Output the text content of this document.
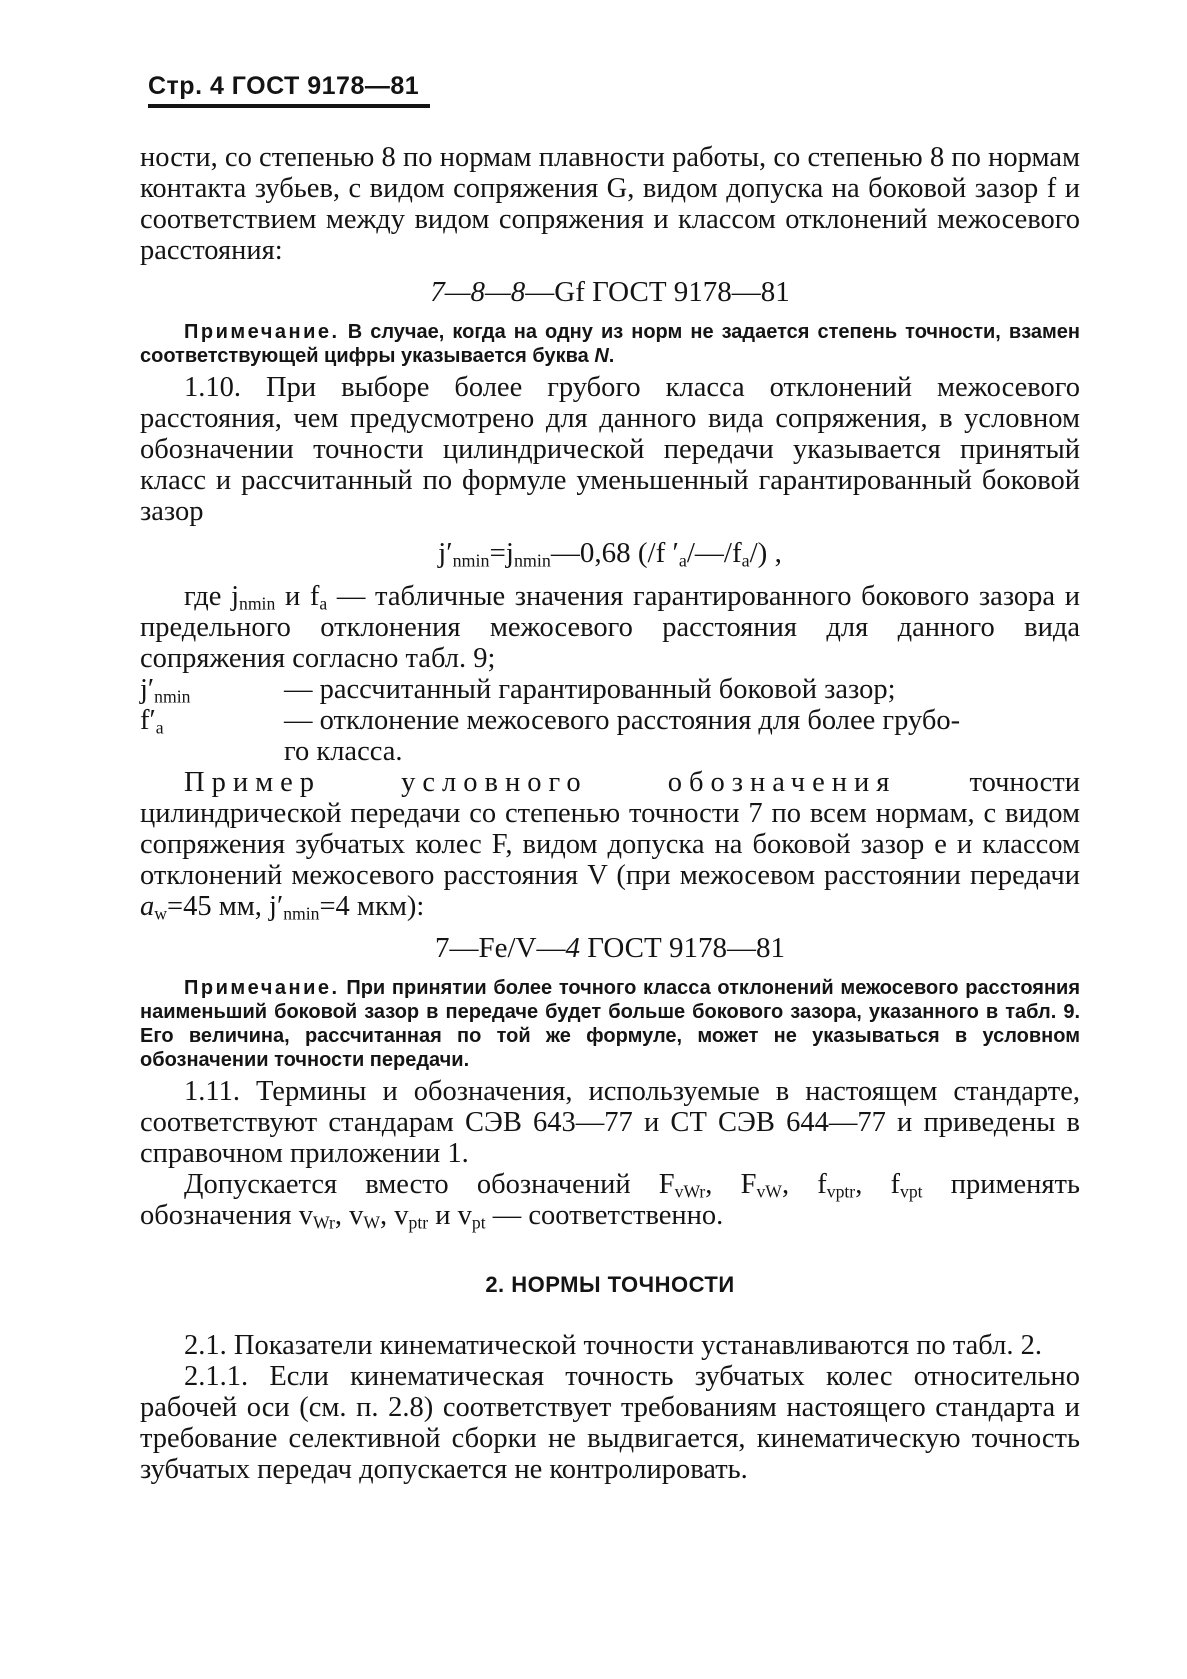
Стр. 4 ГОСТ 9178—81

ности, со степенью 8 по нормам плавности работы, со степенью 8 по нормам контакта зубьев, с видом сопряжения G, видом допуска на боковой зазор f и соответствием между видом сопряжения и классом отклонений межосевого расстояния:

7—8—8—Gf ГОСТ 9178—81

Примечание. В случае, когда на одну из норм не задается степень точности, взамен соответствующей цифры указывается буква N.

1.10. При выборе более грубого класса отклонений межосевого расстояния, чем предусмотрено для данного вида сопряжения, в условном обозначении точности цилиндрической передачи указывается принятый класс и рассчитанный по формуле уменьшенный гарантированный боковой зазор

$j'_{nmin}=j_{nmin}—0,68$ (/f $'_a/—/f_a/$) ,

где $j_{nmin}$ и $f_a$ — табличные значения гарантированного бокового зазора и предельного отклонения межосевого расстояния для данного вида сопряжения согласно табл. 9;

$j'_{nmin}$	— рассчитанный гарантированный боковой зазор;
$f'_a$	— отклонение межосевого расстояния для более грубо-
го класса.

Пример условного обозначения точности цилиндрической передачи со степенью точности 7 по всем нормам, с видом сопряжения зубчатых колес F, видом допуска на боковой зазор е и классом отклонений межосевого расстояния V (при межосевом расстоянии передачи $a_w=45$ мм, $j'_{nmin}=4$ мкм):

7—Fe/V—4 ГОСТ 9178—81

Примечание. При принятии более точного класса отклонений межосевого расстояния наименьший боковой зазор в передаче будет больше бокового зазора, указанного в табл. 9. Его величина, рассчитанная по той же формуле, может не указываться в условном обозначении точности передачи.

1.11. Термины и обозначения, используемые в настоящем стандарте, соответствуют стандарам СЭВ 643—77 и СТ СЭВ 644—77 и приведены в справочном приложении 1.

Допускается вместо обозначений $F_{vWr}$, $F_{vW}$, $f_{vptr}$, $f_{vpt}$ применять обозначения $v_{Wr}$, $v_W$, $v_{ptr}$ и $v_{pt}$ — соответственно.

2. НОРМЫ ТОЧНОСТИ

2.1. Показатели кинематической точности устанавливаются по табл. 2.

2.1.1. Если кинематическая точность зубчатых колес относительно рабочей оси (см. п. 2.8) соответствует требованиям настоящего стандарта и требование селективной сборки не выдвигается, кинематическую точность зубчатых передач допускается не контролировать.
